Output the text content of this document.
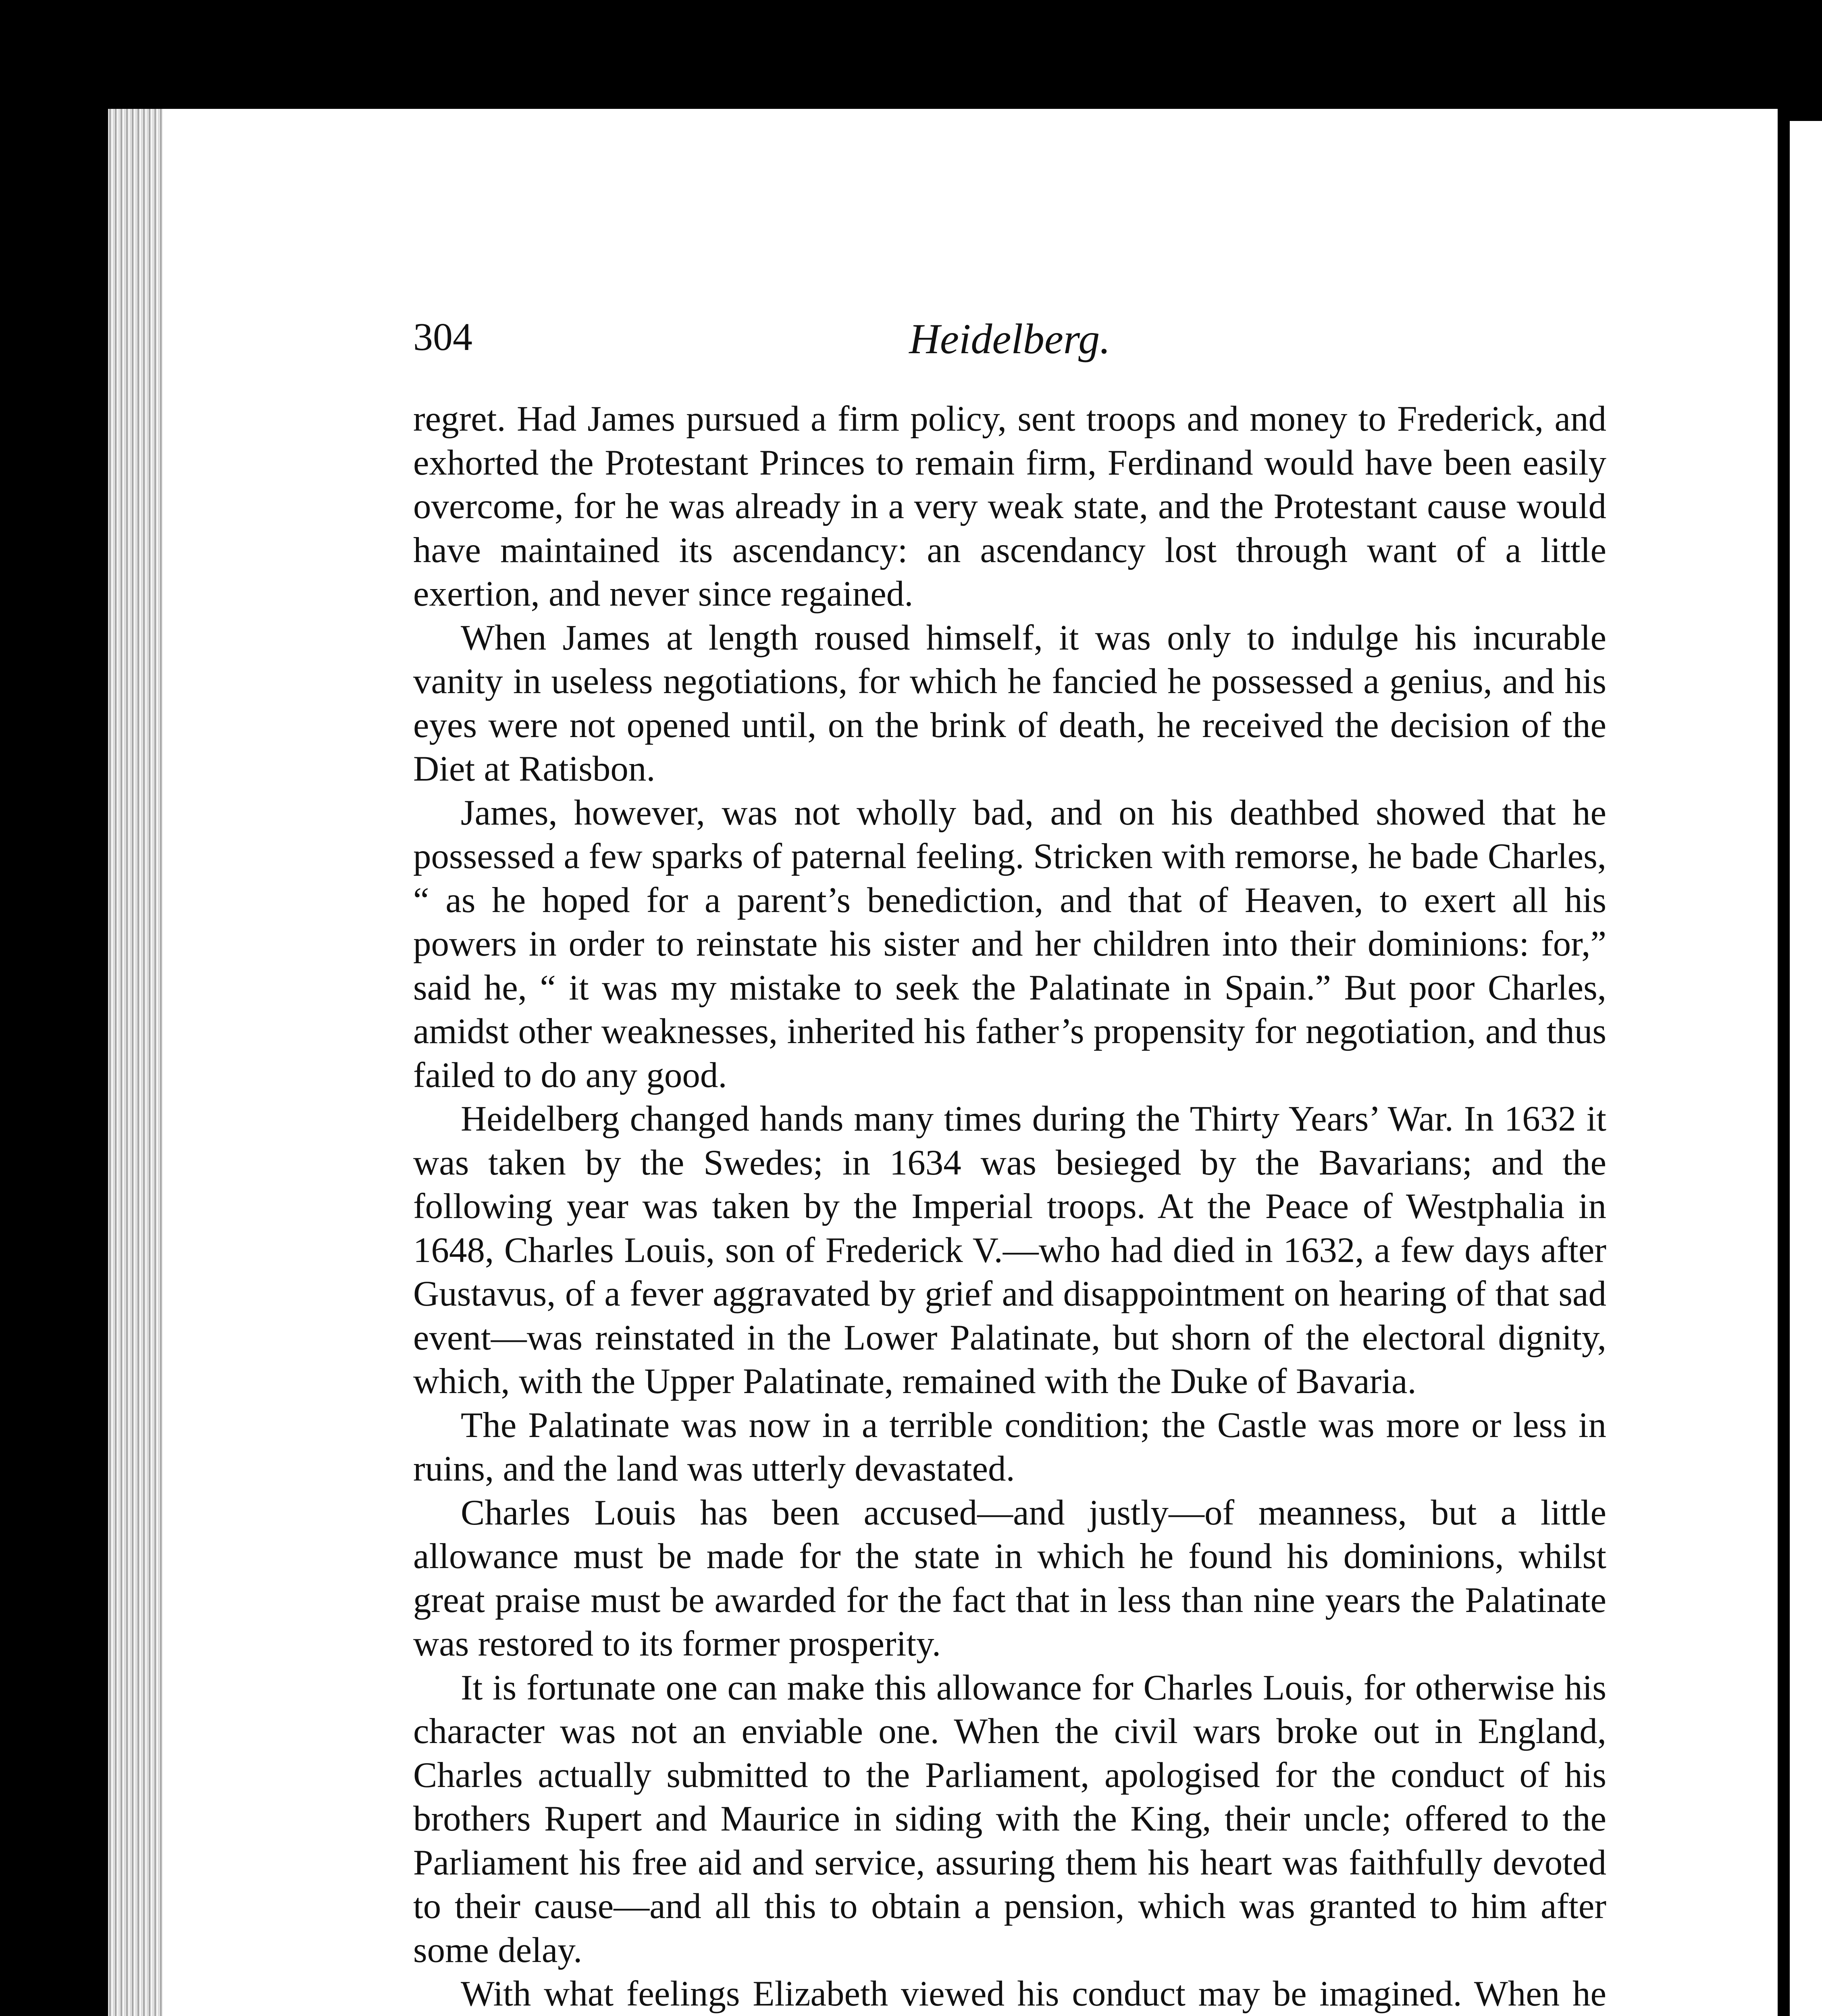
304	Heidelberg.

regret. Had James pursued a firm policy, sent troops and money to Frederick, and exhorted the Protestant Princes to remain firm, Ferdinand would have been easily overcome, for he was already in a very weak state, and the Protestant cause would have maintained its ascendancy: an ascendancy lost through want of a little exertion, and never since regained.

When James at length roused himself, it was only to indulge his incurable vanity in useless negotiations, for which he fancied he possessed a genius, and his eyes were not opened until, on the brink of death, he received the decision of the Diet at Ratisbon.

James, however, was not wholly bad, and on his deathbed showed that he possessed a few sparks of paternal feeling. Stricken with remorse, he bade Charles, “ as he hoped for a parent’s benediction, and that of Heaven, to exert all his powers in order to reinstate his sister and her children into their dominions: for,” said he, “ it was my mistake to seek the Palatinate in Spain.” But poor Charles, amidst other weaknesses, inherited his father’s propensity for negotiation, and thus failed to do any good.

Heidelberg changed hands many times during the Thirty Years’ War. In 1632 it was taken by the Swedes; in 1634 was besieged by the Bavarians; and the following year was taken by the Imperial troops. At the Peace of Westphalia in 1648, Charles Louis, son of Frederick V.—who had died in 1632, a few days after Gustavus, of a fever aggravated by grief and disappointment on hearing of that sad event—was reinstated in the Lower Palatinate, but shorn of the electoral dignity, which, with the Upper Palatinate, remained with the Duke of Bavaria.

The Palatinate was now in a terrible condition; the Castle was more or less in ruins, and the land was utterly devastated.

Charles Louis has been accused—and justly—of meanness, but a little allowance must be made for the state in which he found his dominions, whilst great praise must be awarded for the fact that in less than nine years the Palatinate was restored to its former prosperity.

It is fortunate one can make this allowance for Charles Louis, for otherwise his character was not an enviable one. When the civil wars broke out in England, Charles actually submitted to the Parliament, apologised for the conduct of his brothers Rupert and Maurice in siding with the King, their uncle; offered to the Parliament his free aid and service, assuring them his heart was faithfully devoted to their cause—and all this to obtain a pension, which was granted to him after some delay.

With what feelings Elizabeth viewed his conduct may be imagined. When he
